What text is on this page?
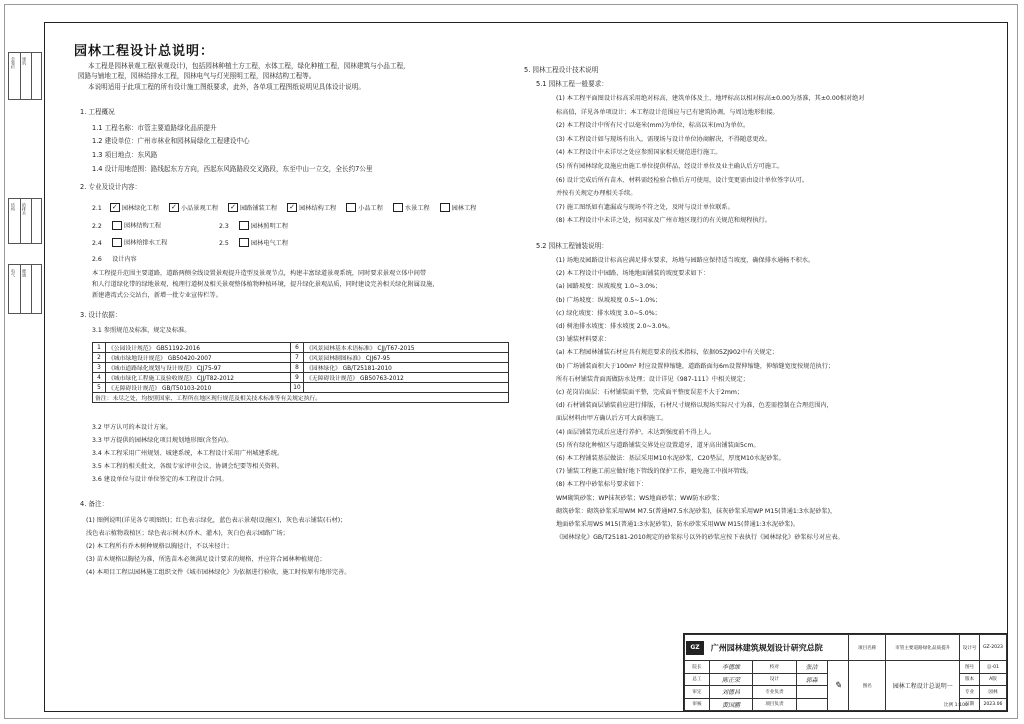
会签栏 建筑
结构 给排水
电气 暖通
园林工程设计总说明：
本工程是园林景观工程(景观设计)，包括园林种植土方工程，水体工程，绿化种植工程，园林建筑与小品工程，
园路与铺地工程，园林给排水工程，园林电气与灯光照明工程，园林结构工程等。
本说明适用于此项工程的所有设计施工图纸要求，此外，各单项工程图纸说明见具体设计说明。
1. 工程概况
1.1 工程名称：市管主要道路绿化品质提升
1.2 建设单位：广州市林业和园林局绿化工程建设中心
1.3 项目地点：东风路
1.4 设计用地范围：路线起东方方向，西起东风路路段交叉路段，东至中山一立交，全长约7公里
2. 专业及设计内容：
2.1 ✓ 园林绿化工程 ✓ 小品景观工程 ✓ 园路铺装工程 ✓ 园林结构工程	小品工程	水景工程	园林工程
2.2	园林结构工程	2.3	园林照明工程
2.4	园林给排水工程	2.5	园林电气工程
2.6 设计内容
本工程提升范围主要道路，道路两侧全线设置景观提升造型及景观节点，构建丰富绿道景观系统，同时要求景观立体中间带
和人行道绿化带的绿地景观，梳理行道树及相关景观整体植物种植环境，提升绿化景观品质，同时建设完善相关绿化附属设施，
新建港湾式公交站台，新增一批专业宣传栏等。
3. 设计依据：
3.1 参照规范及标准，规定及标准。
1	《公园设计规范》 GB51192-2016	6	《风景园林基本术语标准》 CJJ/T67-2015
2	《城市绿地设计规范》 GB50420-2007	7	《风景园林制图标准》 CJJ67-95
3	《城市道路绿化规划与设计规范》 CJJ75-97	8	《园林绿化》 GB/T25181-2010
4	《城市绿化工程施工及验收规范》 CJJ/T82-2012	9	《无障碍设计规范》 GB50763-2012
5	《无障碍设计规范》 GB/T50103-2010	10	
备注：未尽之处，均按照国家、工程所在地区现行规范及相关技术标准等有关规定执行。			
3.2 甲方认可的本设计方案。
3.3 甲方提供的园林绿化项目规划地形图(含竖向)。
3.4 本工程采用广州规划、城建系统，本工程设计采用广州城建系统。
3.5 本工程的相关批文、各级专家评审会议、协调会纪要等相关资料。
3.6 建设单位与设计单位签定的本工程设计合同。
4. 备注：
(1) 图例说明(详见各专项图纸)；红色表示绿化，蓝色表示景观(设施区)，灰色表示铺装(石材)；
浅色表示植物栽植区；绿色表示树木(乔木、灌木)，灰白色表示园路广场；
(2) 本工程所有乔木树种规格以胸径计，不以米径计；
(3) 苗木规格以胸径为准，所选苗木必须满足设计要求的规格，并应符合园林种植规范；
(4) 本项目工程以园林施工组织文件《城市园林绿化》为依据进行验收，施工时按原有地形完善。
5. 园林工程设计技术说明
5.1 园林工程一般要求：
(1) 本工程平面图设计标高采用绝对标高，建筑单体及土、地坪标高以相对标高±0.00为基准，其±0.00相对绝对
标高值，详见各单项设计；本工程设计范围应与已有建筑协调，与周边地形衔接。
(2) 本工程设计中所有尺寸以毫米(mm)为单位，标高以米(m)为单位。
(3) 本工程设计如与现场有出入，需现场与设计单位协商解决，不得随意更改。
(4) 本工程设计中未详尽之处应参照国家相关规范进行施工。
(5) 所有园林绿化设施应由施工单位提供样品，经设计单位及业主确认后方可施工。
(6) 设计完成后所有苗木、材料需经检验合格后方可使用，设计变更需由设计单位签字认可。
并按有关规定办理相关手续。
(7) 施工图纸如有遗漏或与现场不符之处，及时与设计单位联系。
(8) 本工程设计中未详之处，按国家及广州市地区现行的有关规范和规程执行。
5.2 园林工程铺装说明：
(1) 场地及园路设计标高应满足排水要求，场地与园路应保持适当坡度，确保排水通畅不积水。
(2) 本工程设计中园路、场地地面铺装的坡度要求如下：
(a) 园路坡度：纵坡坡度 1.0~3.0%；
(b) 广场坡度：纵坡坡度 0.5~1.0%；
(c) 绿化坡度：排水坡度 3.0~5.0%；
(d) 树池排水坡度：排水坡度 2.0~3.0%。
(3) 铺装材料要求：
(a) 本工程园林铺装石材应具有规范要求的技术指标，依据05ZJ902中有关规定；
(b) 广场铺装面积大于100m² 时应设置伸缩缝，道路路面每6m设置伸缩缝，伸缩缝宽度按规范执行；
所有石材铺装背面需做防水处理；设计详见《987-111》中相关规定；
(c) 花岗岩面层：石材铺装面平整，完成面平整度误差不大于2mm；
(d) 石材铺装面层铺装前应进行排版，石材尺寸规格以现场实际尺寸为准，色差需控制在合理范围内，
面层材料由甲方确认后方可大面积施工。
(4) 面层铺装完成后应进行养护，未达到强度前不得上人。
(5) 所有绿化种植区与道路铺装交界处应设置道牙，道牙高出铺装面5cm。
(6) 本工程铺装基层做法：基层采用M10水泥砂浆，C20垫层，厚度M10水泥砂浆。
(7) 铺装工程施工前应做好地下管线的保护工作，避免施工中损坏管线。
(8) 本工程中砂浆标号要求如下：
WM砌筑砂浆；WP抹灰砂浆；WS地面砂浆；WW防水砂浆；
砌筑砂浆：砌筑砂浆采用WM M7.5(普通M7.5水泥砂浆)，抹灰砂浆采用WP M15(普通1:3水泥砂浆)，
地面砂浆采用WS M15(普通1:3水泥砂浆)，防水砂浆采用WW M15(普通1:3水泥砂浆)。
《园林绿化》GB/T25181-2010规定的砂浆标号以外的砂浆应按下表执行《园林绿化》砂浆标号对应表。
GZ 广州园林建筑规划设计研究总院					项目名称	市管主要道路绿化品质提升	设计号	GZ-2023
院长	李德维	校对	张洁	✎	图名	园林工程设计总说明一	图号	总-01
总工	陈正荣	设计	郭森				版本	A版
审定	刘德昌	专业负责					专业	园林
审核	黄国鹏	项目负责					日期	2023.06
比例 1:100
